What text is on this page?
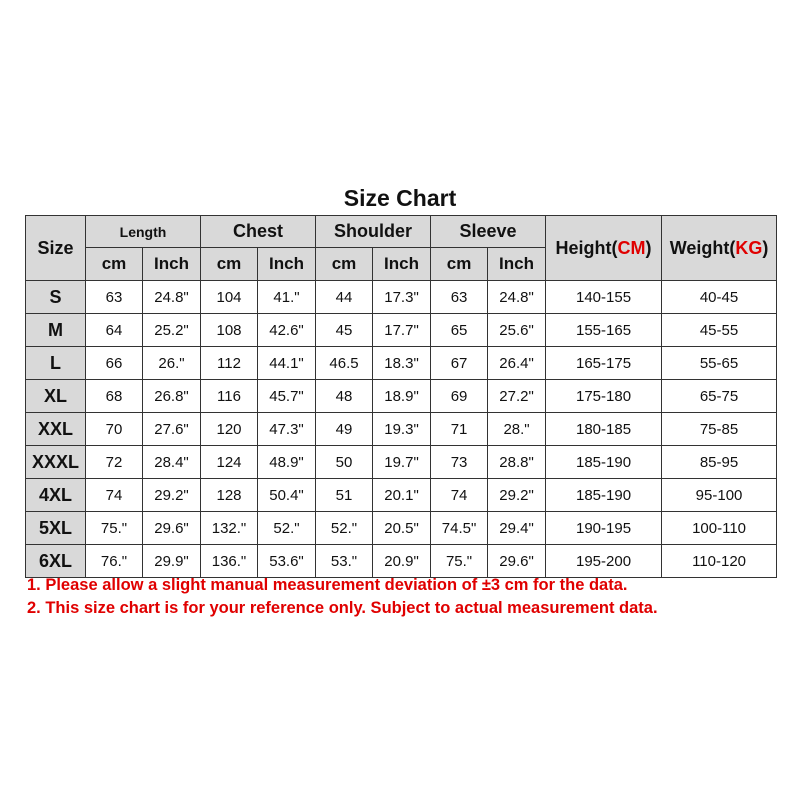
Size Chart
Size	Length		Chest		Shoulder		Sleeve		Height(CM)	Weight(KG)
	cm	Inch	cm	Inch	cm	Inch	cm	Inch		
S	63	24.8"	104	41."	44	17.3"	63	24.8"	140-155	40-45
M	64	25.2"	108	42.6"	45	17.7"	65	25.6"	155-165	45-55
L	66	26."	112	44.1"	46.5	18.3"	67	26.4"	165-175	55-65
XL	68	26.8"	116	45.7"	48	18.9"	69	27.2"	175-180	65-75
XXL	70	27.6"	120	47.3"	49	19.3"	71	28."	180-185	75-85
XXXL	72	28.4"	124	48.9"	50	19.7"	73	28.8"	185-190	85-95
4XL	74	29.2"	128	50.4"	51	20.1"	74	29.2"	185-190	95-100
5XL	75."	29.6"	132."	52."	52."	20.5"	74.5"	29.4"	190-195	100-110
6XL	76."	29.9"	136."	53.6"	53."	20.9"	75."	29.6"	195-200	110-120
1. Please allow a slight manual measurement deviation of ±3 cm for the data.
2. This size chart is for your reference only. Subject to actual measurement data.
